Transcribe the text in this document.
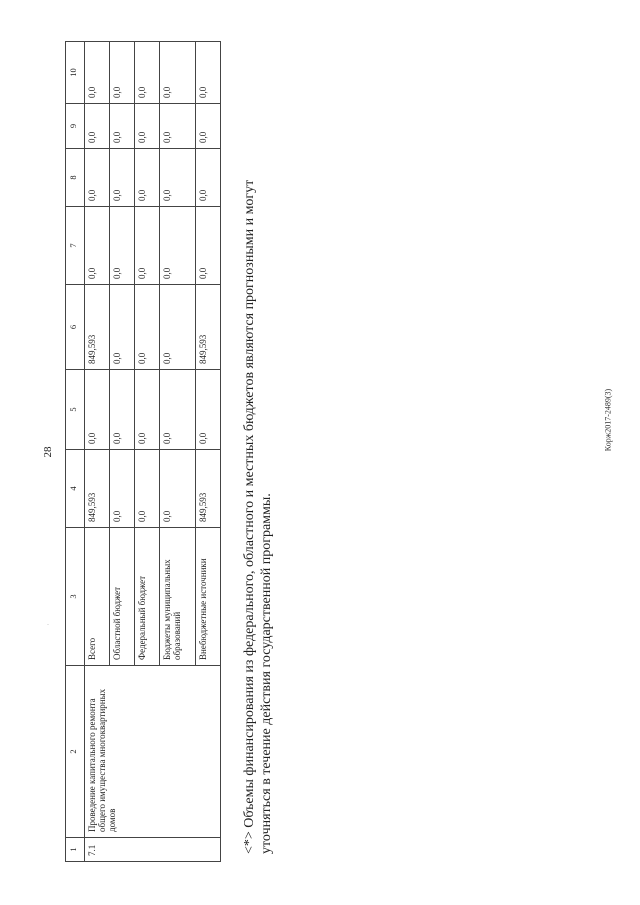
28
·
Корж2017-2489(3)
1	2	3	4	5	6	7	8	9	10
7.1	Проведение капитального ремонта общего имущества многоквартирных домов	Всего	849,593	0,0	849,593	0,0	0,0	0,0	0,0
		Областной бюджет	0,0	0,0	0,0	0,0	0,0	0,0	0,0
		Федеральный бюджет	0,0	0,0	0,0	0,0	0,0	0,0	0,0
		Бюджеты муниципальных образований	0,0	0,0	0,0	0,0	0,0	0,0	0,0
		Внебюджетные источники	849,593	0,0	849,593	0,0	0,0	0,0	0,0
<*> Объемы финансирования из федерального, областного и местных бюджетов являются прогнозными и могут уточняться в течение действия государственной программы.
